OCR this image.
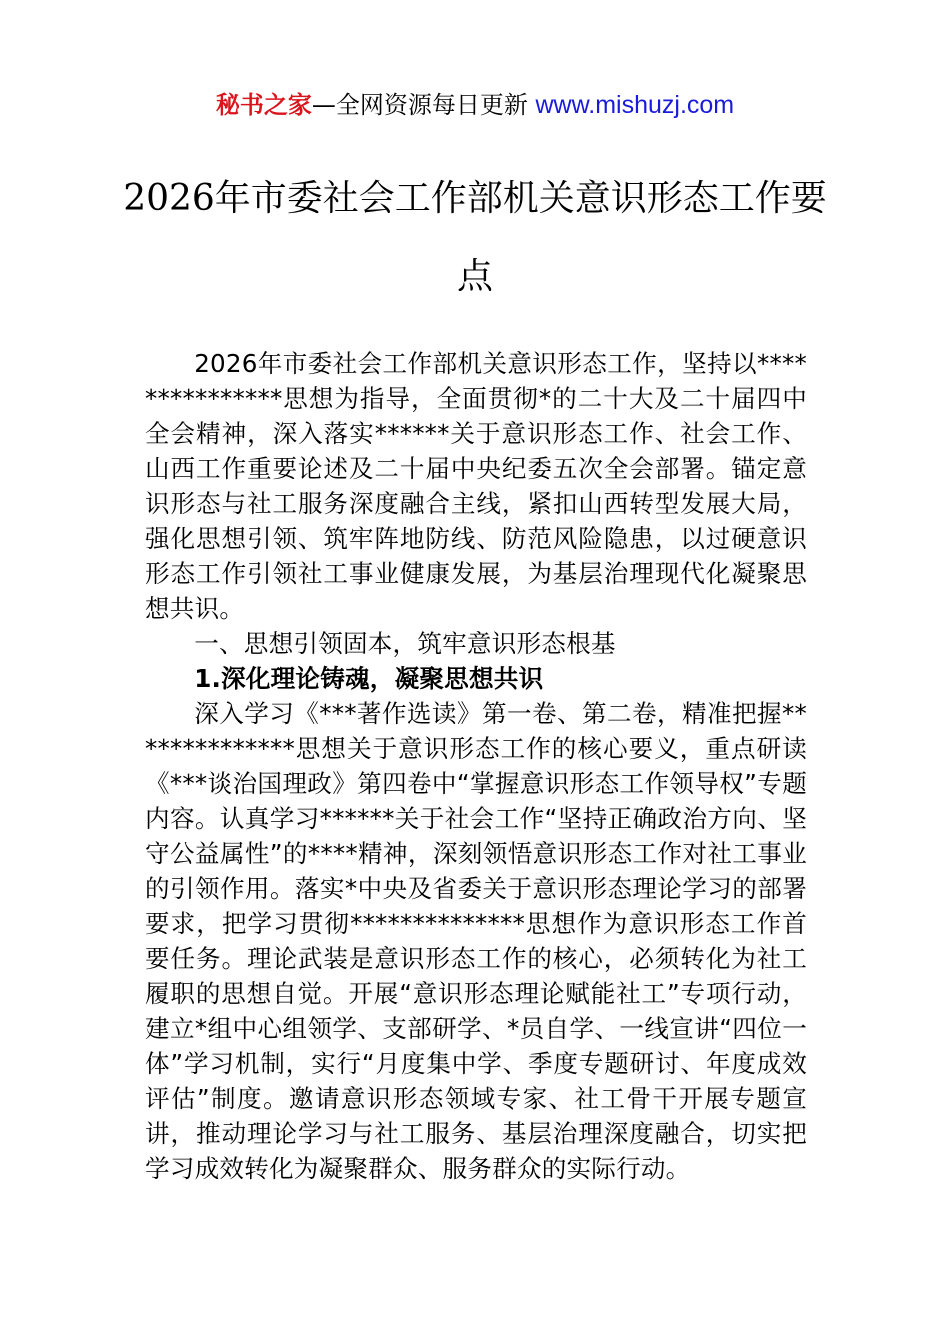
秘书之家—全网资源每日更新 www.mishuzj.com
2026年市委社会工作部机关意识形态工作要点

2026年市委社会工作部机关意识形态工作，坚持以***************思想为指导，全面贯彻*的二十大及二十届四中全会精神，深入落实******关于意识形态工作、社会工作、山西工作重要论述及二十届中央纪委五次全会部署。锚定意识形态与社工服务深度融合主线，紧扣山西转型发展大局，强化思想引领、筑牢阵地防线、防范风险隐患，以过硬意识形态工作引领社工事业健康发展，为基层治理现代化凝聚思想共识。

一、思想引领固本，筑牢意识形态根基

1.深化理论铸魂，凝聚思想共识

深入学习《***著作选读》第一卷、第二卷，精准把握**************思想关于意识形态工作的核心要义，重点研读《***谈治国理政》第四卷中“掌握意识形态工作领导权”专题内容。认真学习******关于社会工作“坚持正确政治方向、坚守公益属性”的****精神，深刻领悟意识形态工作对社工事业的引领作用。落实*中央及省委关于意识形态理论学习的部署要求，把学习贯彻**************思想作为意识形态工作首要任务。理论武装是意识形态工作的核心，必须转化为社工履职的思想自觉。开展“意识形态理论赋能社工”专项行动，建立*组中心组领学、支部研学、*员自学、一线宣讲“四位一体”学习机制，实行“月度集中学、季度专题研讨、年度成效评估”制度。邀请意识形态领域专家、社工骨干开展专题宣讲，推动理论学习与社工服务、基层治理深度融合，切实把学习成效转化为凝聚群众、服务群众的实际行动。
